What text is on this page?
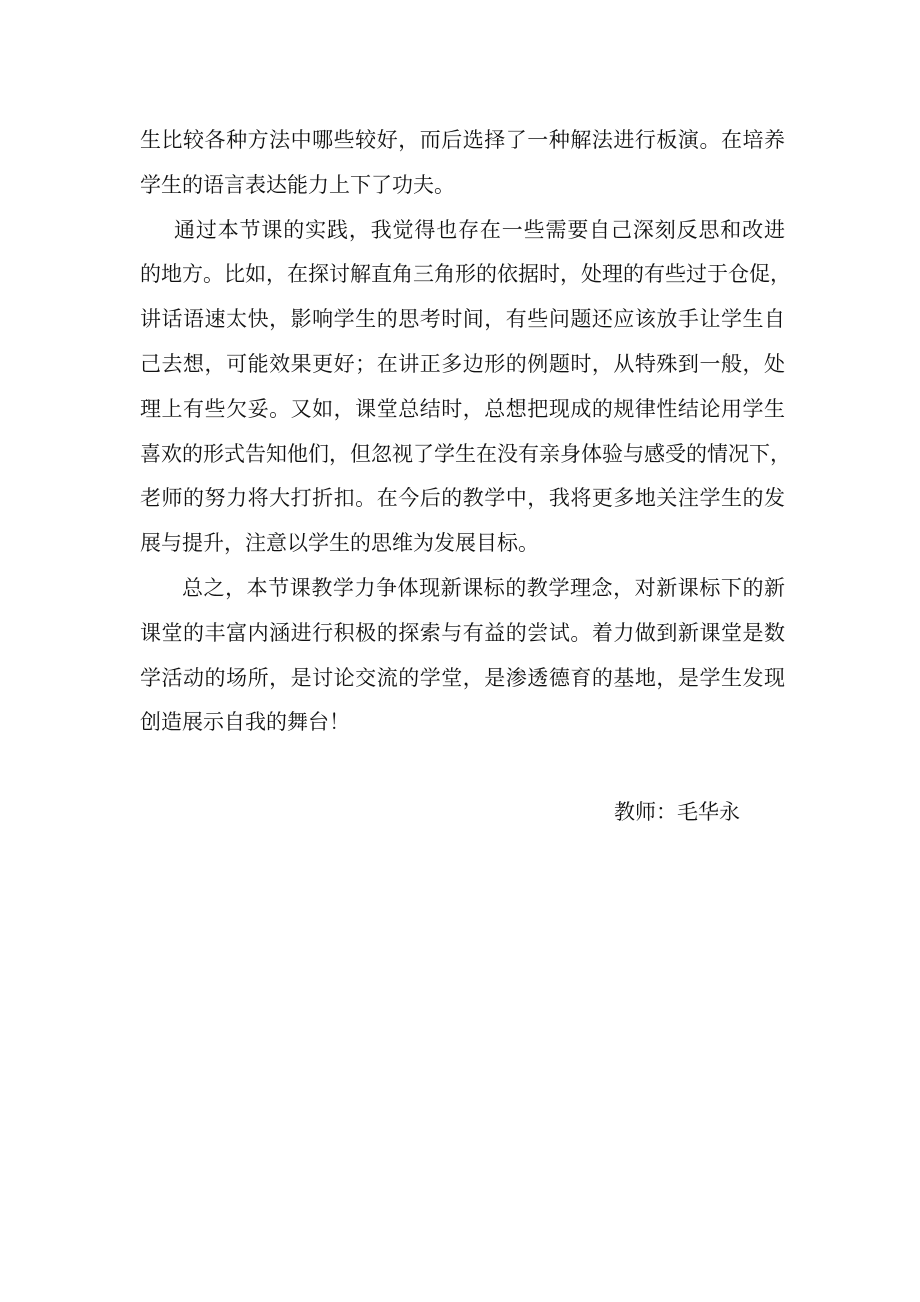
生比较各种方法中哪些较好，而后选择了一种解法进行板演。在培养
学生的语言表达能力上下了功夫。
通过本节课的实践，我觉得也存在一些需要自己深刻反思和改进
的地方。比如，在探讨解直角三角形的依据时，处理的有些过于仓促，
讲话语速太快，影响学生的思考时间，有些问题还应该放手让学生自
己去想，可能效果更好；在讲正多边形的例题时，从特殊到一般，处
理上有些欠妥。又如，课堂总结时，总想把现成的规律性结论用学生
喜欢的形式告知他们，但忽视了学生在没有亲身体验与感受的情况下，
老师的努力将大打折扣。在今后的教学中，我将更多地关注学生的发
展与提升，注意以学生的思维为发展目标。
总之，本节课教学力争体现新课标的教学理念，对新课标下的新
课堂的丰富内涵进行积极的探索与有益的尝试。着力做到新课堂是数
学活动的场所，是讨论交流的学堂，是渗透德育的基地，是学生发现
创造展示自我的舞台！
教师：毛华永
